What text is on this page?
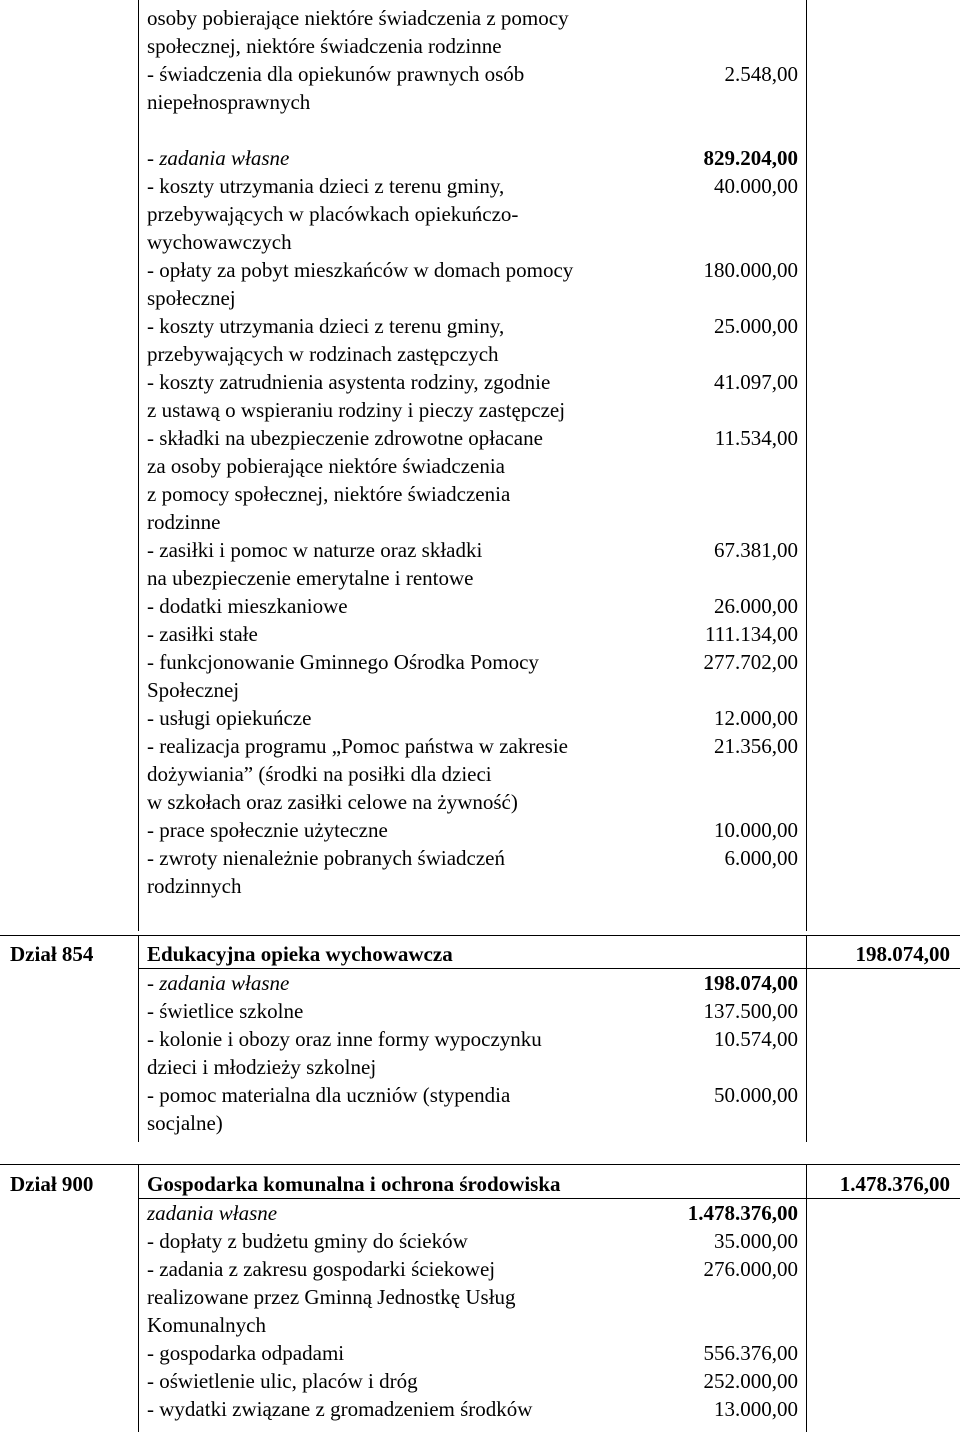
osoby pobierające niektóre świadczenia z pomocy
społecznej, niektóre świadczenia rodzinne
- świadczenia dla opiekunów prawnych osób	2.548,00
niepełnosprawnych
- zadania własne	829.204,00
- koszty utrzymania dzieci z terenu gminy,	40.000,00
przebywających w placówkach opiekuńczo-
wychowawczych
- opłaty za pobyt mieszkańców w domach pomocy	180.000,00
społecznej
- koszty utrzymania dzieci z terenu gminy,	25.000,00
przebywających w rodzinach zastępczych
- koszty zatrudnienia asystenta rodziny, zgodnie	41.097,00
z ustawą o wspieraniu rodziny i pieczy zastępczej
- składki na ubezpieczenie zdrowotne opłacane	11.534,00
za osoby pobierające niektóre świadczenia
z pomocy społecznej, niektóre świadczenia
rodzinne
- zasiłki i pomoc w naturze oraz składki	67.381,00
na ubezpieczenie emerytalne i rentowe
- dodatki mieszkaniowe	26.000,00
- zasiłki stałe	111.134,00
- funkcjonowanie Gminnego Ośrodka Pomocy	277.702,00
Społecznej
- usługi opiekuńcze	12.000,00
- realizacja programu „Pomoc państwa w zakresie	21.356,00
dożywiania” (środki na posiłki dla dzieci
w szkołach oraz zasiłki celowe na żywność)
- prace społecznie użyteczne	10.000,00
- zwroty nienależnie pobranych świadczeń	6.000,00
rodzinnych
Dział 854	Edukacyjna opieka wychowawcza	198.074,00
- zadania własne	198.074,00
- świetlice szkolne	137.500,00
- kolonie i obozy oraz inne formy wypoczynku	10.574,00
dzieci i młodzieży szkolnej
- pomoc materialna dla uczniów (stypendia	50.000,00
socjalne)
Dział 900	Gospodarka komunalna i ochrona środowiska	1.478.376,00
zadania własne	1.478.376,00
- dopłaty z budżetu gminy do ścieków	35.000,00
- zadania z zakresu gospodarki ściekowej	276.000,00
realizowane przez Gminną Jednostkę Usług
Komunalnych
- gospodarka odpadami	556.376,00
- oświetlenie ulic, placów i dróg	252.000,00
- wydatki związane z gromadzeniem środków	13.000,00
